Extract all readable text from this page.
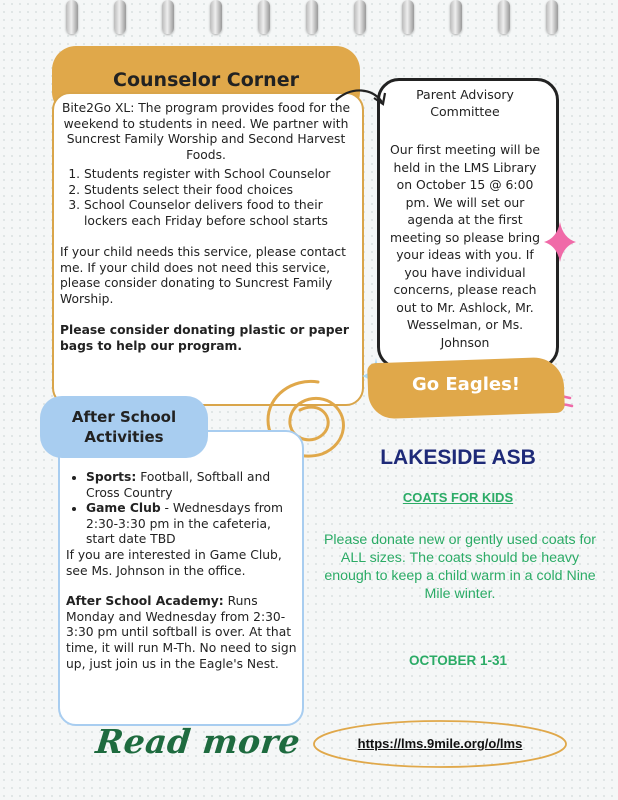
Counselor Corner

Bite2Go XL: The program provides food for the weekend to students in need. We partner with Suncrest Family Worship and Second Harvest Foods.

1. Students register with School Counselor
2. Students select their food choices
3. School Counselor delivers food to their lockers each Friday before school starts

If your child needs this service, please contact me. If your child does not need this service, please consider donating to Suncrest Family Worship.

Please consider donating plastic or paper bags to help our program.

Parent Advisory Committee
Our first meeting will be held in the LMS Library on October 15 @ 6:00 pm. We will set our agenda at the first meeting so please bring your ideas with you. If you have individual concerns, please reach out to Mr. Ashlock, Mr. Wesselman, or Ms. Johnson
Go Eagles!
After School Activities
• Sports: Football, Softball and Cross Country
• Game Club - Wednesdays from 2:30-3:30 pm in the cafeteria, start date TBD

If you are interested in Game Club, see Ms. Johnson in the office.

After School Academy: Runs Monday and Wednesday from 2:30-3:30 pm until softball is over. At that time, it will run M-Th. No need to sign up, just join us in the Eagle's Nest.

LAKESIDE ASB
COATS FOR KIDS
Please donate new or gently used coats for ALL sizes. The coats should be heavy enough to keep a child warm in a cold Nine Mile winter.
OCTOBER 1-31
Read more	https://lms.9mile.org/o/lms
